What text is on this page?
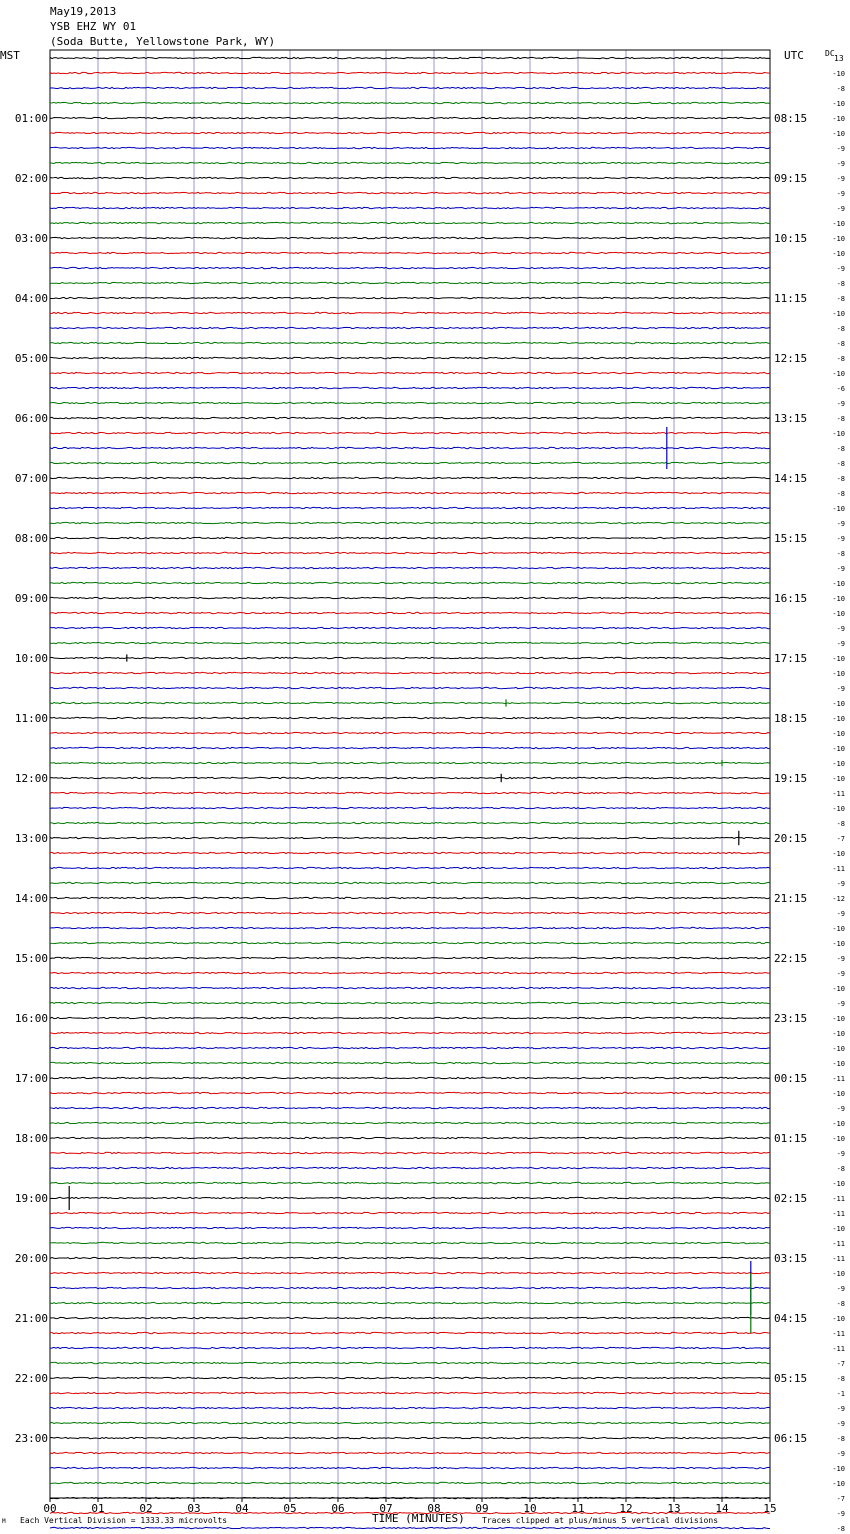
May19,2013
YSB EHZ WY 01
(Soda Butte, Yellowstone Park, WY)
MST	UTC	DC
13
00	01	02	03	04	05	06	07	08	09	10	11	12	13	14	15
01:00
02:00
03:00
04:00
05:00
06:00
07:00
08:00
09:00
10:00
11:00
12:00
13:00
14:00
15:00
16:00
17:00
18:00
19:00
20:00
21:00
22:00
23:00
08:15
09:15
10:15
11:15
12:15
13:15
14:15
15:15
16:15
17:15
18:15
19:15
20:15
21:15
22:15
23:15
00:15
01:15
02:15
03:15
04:15
05:15
06:15
-10
-8
-10
-10
-10
-9
-9
-9
-9
-9
-10
-10
-10
-9
-8
-8
-10
-8
-8
-8
-10
-6
-9
-8
-10
-8
-8
-8
-8
-10
-9
-9
-8
-9
-10
-10
-10
-9
-9
-10
-10
-9
-10
-10
-10
-10
-10
-10
-11
-10
-8
-7
-10
-11
-9
-12
-9
-10
-10
-9
-9
-10
-9
-10
-10
-10
-10
-11
-10
-9
-10
-10
-9
-8
-10
-11
-11
-10
-11
-11
-10
-9
-8
-10
-11
-11
-7
-8
-1
-9
-9
-8
-9
-10
-10
-7
-9
-8
M Each Vertical Division = 1333.33 microvolts	TIME (MINUTES) Traces clipped at plus/minus 5 vertical divisions
